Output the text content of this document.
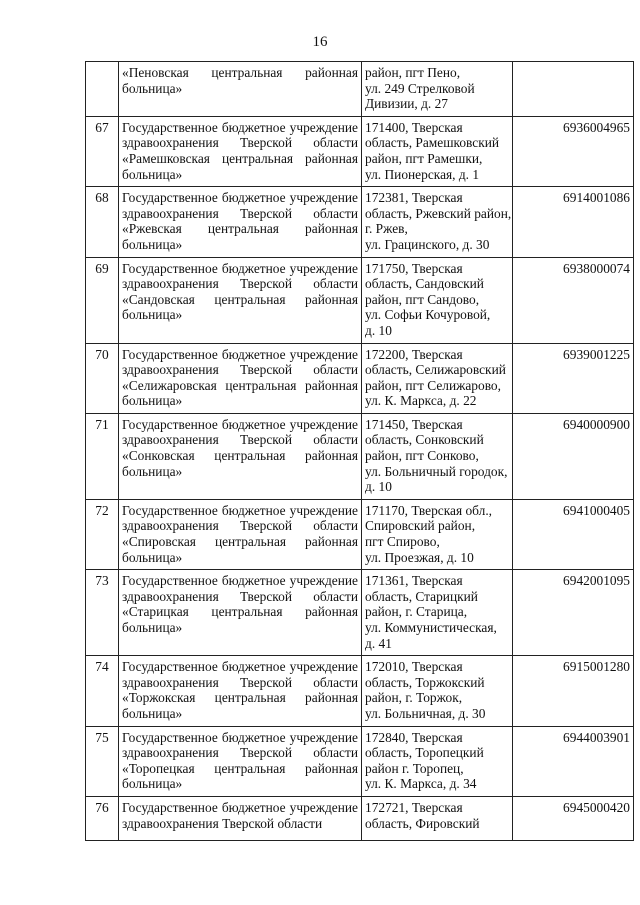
16

	«Пеновская центральная районная
больница»	район, пгт Пено,
ул. 249 Стрелковой
Дивизии, д. 27	

67	Государственное бюджетное учреждение
здравоохранения Тверской области
«Рамешковская центральная районная
больница»	171400, Тверская
область, Рамешковский
район, пгт Рамешки,
ул. Пионерская, д. 1	6936004965
68	Государственное бюджетное учреждение
здравоохранения Тверской области
«Ржевская центральная районная
больница»	172381, Тверская
область, Ржевский район,
г. Ржев,
ул. Грацинского, д. 30	6914001086
69	Государственное бюджетное учреждение
здравоохранения Тверской области
«Сандовская центральная районная
больница»	171750, Тверская
область, Сандовский
район, пгт Сандово,
ул. Софьи Кочуровой,
д. 10	6938000074
70	Государственное бюджетное учреждение
здравоохранения Тверской области
«Селижаровская центральная районная
больница»	172200, Тверская
область, Селижаровский
район, пгт Селижарово,
ул. К. Маркса, д. 22	6939001225
71	Государственное бюджетное учреждение
здравоохранения Тверской области
«Сонковская центральная районная
больница»	171450, Тверская
область, Сонковский
район, пгт Сонково,
ул. Больничный городок,
д. 10	6940000900
72	Государственное бюджетное учреждение
здравоохранения Тверской области
«Спировская центральная районная
больница»	171170, Тверская обл.,
Спировский район,
пгт Спирово,
ул. Проезжая, д. 10	6941000405
73	Государственное бюджетное учреждение
здравоохранения Тверской области
«Старицкая центральная районная
больница»	171361, Тверская
область, Старицкий
район, г. Старица,
ул. Коммунистическая,
д. 41	6942001095
74	Государственное бюджетное учреждение
здравоохранения Тверской области
«Торжокская центральная районная
больница»	172010, Тверская
область, Торжокский
район, г. Торжок,
ул. Больничная, д. 30	6915001280
75	Государственное бюджетное учреждение
здравоохранения Тверской области
«Торопецкая центральная районная
больница»	172840, Тверская
область, Торопецкий
район г. Торопец,
ул. К. Маркса, д. 34	6944003901
76	Государственное бюджетное учреждение
здравоохранения Тверской области	172721, Тверская
область, Фировский	6945000420
